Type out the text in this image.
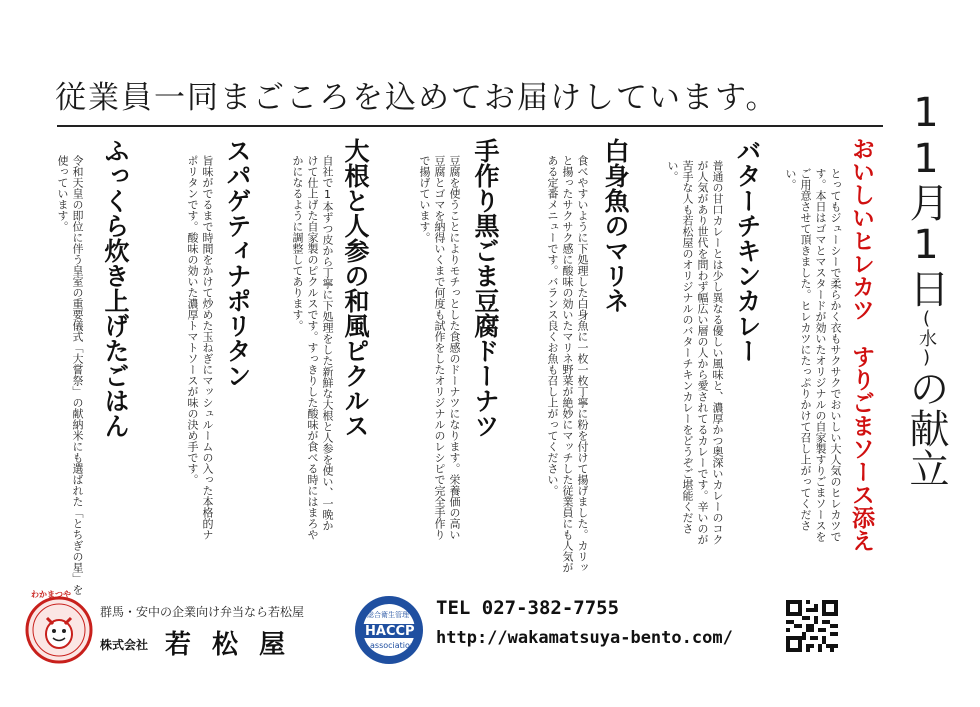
従業員一同まごころを込めてお届けしています。	11月1日(水)の献立
おいしいヒレカツ
すりごまソース添え
とってもジューシーで柔らかく衣もサクサクでおいしい大人気のヒレカツです。本日はゴマとマスタードが効いたオリジナルの自家製すりごまソースをご用意させて頂きました。ヒレカツにたっぷりかけて召し上がってください。
バターチキンカレー
普通の甘口カレーとは少し異なる優しい風味と、濃厚かつ奥深いカレーのコクが人気があり世代を問わず幅広い層の人から愛されてるカレーです。辛いのが苦手な人も若松屋のオリジナルのバターチキンカレーをどうぞご堪能ください。
白身魚のマリネ
食べやすいように下処理した白身魚に一枚一枚丁寧に粉を付けて揚げました。カリッと揚ったサクサク感に酸味の効いたマリネ野菜が絶妙にマッチした従業員にも人気がある定番メニューです。バランス良くお魚も召し上がってください。
手作り黒ごま豆腐ドーナツ
豆腐を使うことによりモチっとした食感のドーナツになります。栄養価の高い豆腐とゴマを納得いくまで何度も試作をしたオリジナルのレシピで完全手作りで揚げています。
大根と人参の和風ピクルス
自社で1本ずつ皮から丁寧に下処理をした新鮮な大根と人参を使い、一晩かけて仕上げた自家製のピクルスです。すっきりした酸味が食べる時にはまろやかになるように調整してあります。
スパゲティナポリタン
旨味がでるまで時間をかけて炒めた玉ねぎにマッシュルームの入った本格的ナポリタンです。酸味の効いた濃厚トマトソースが味の決め手です。
ふっくら炊き上げたごはん
令和天皇の即位に伴う皇室の重要儀式「大嘗祭」の献納米にも選ばれた「とちぎの星」を使っています。
わかまつや
群馬・安中の企業向け弁当なら若松屋
株式会社 若 松 屋
総合衛生管理
HACCP
association
TEL 027-382-7755
http://wakamatsuya-bento.com/
